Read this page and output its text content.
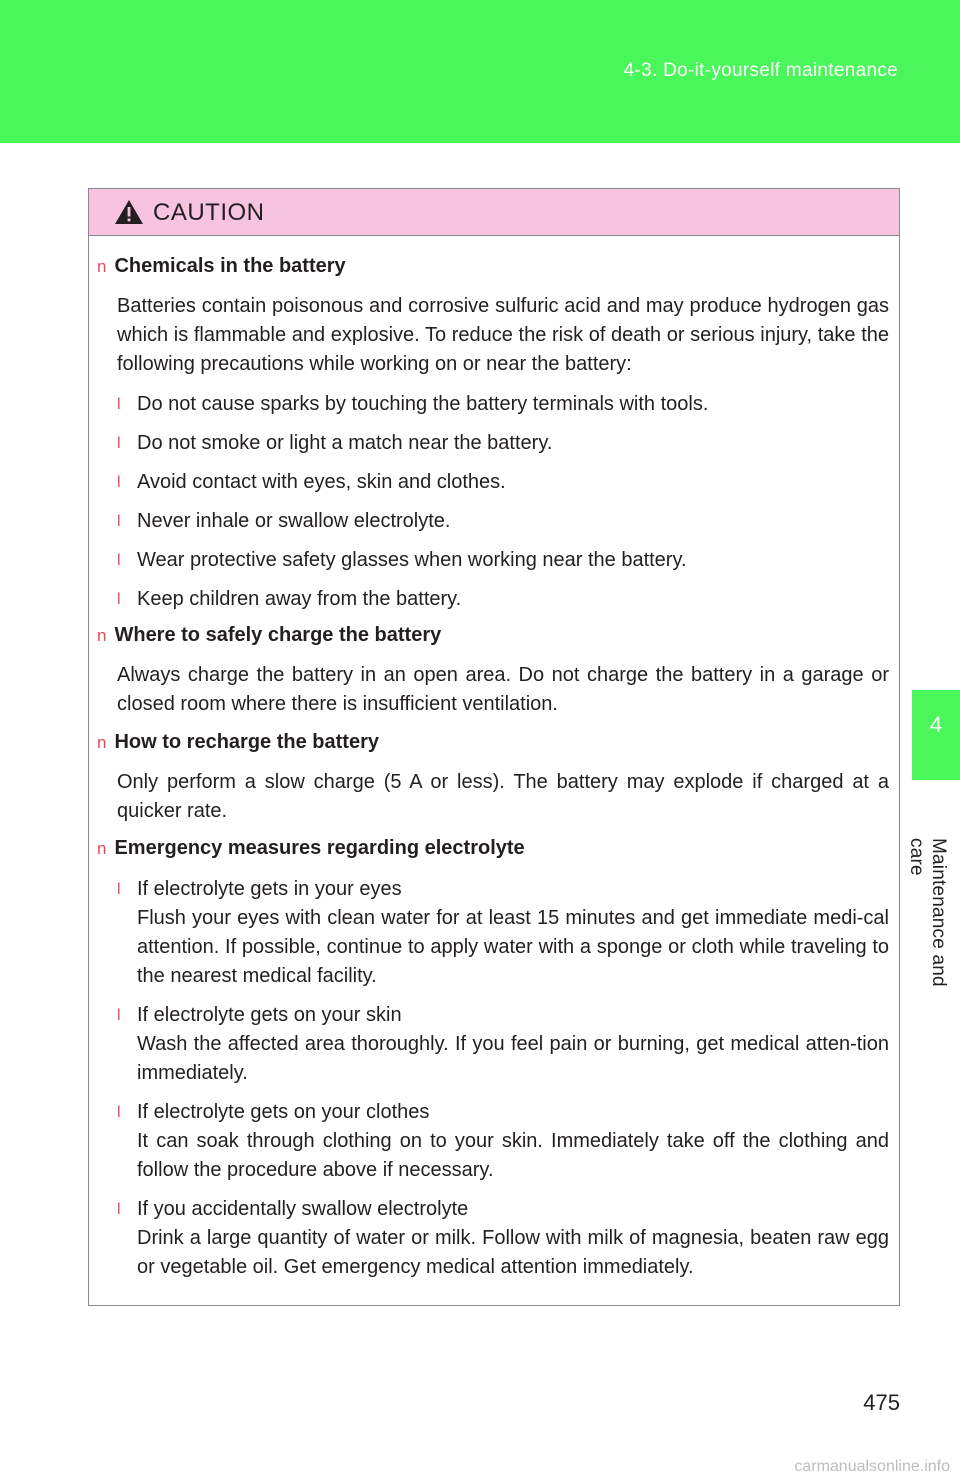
4-3. Do-it-yourself maintenance
4
Maintenance and care
CAUTION
n Chemicals in the battery
Batteries contain poisonous and corrosive sulfuric acid and may produce hydrogen gas which is flammable and explosive. To reduce the risk of death or serious injury, take the following precautions while working on or near the battery:
l Do not cause sparks by touching the battery terminals with tools.
l Do not smoke or light a match near the battery.
l Avoid contact with eyes, skin and clothes.
l Never inhale or swallow electrolyte.
l Wear protective safety glasses when working near the battery.
l Keep children away from the battery.
n Where to safely charge the battery
Always charge the battery in an open area. Do not charge the battery in a garage or closed room where there is insufficient ventilation.
n How to recharge the battery
Only perform a slow charge (5 A or less). The battery may explode if charged at a quicker rate.
n Emergency measures regarding electrolyte
l If electrolyte gets in your eyes
Flush your eyes with clean water for at least 15 minutes and get immediate medi-cal attention. If possible, continue to apply water with a sponge or cloth while traveling to the nearest medical facility.
l If electrolyte gets on your skin
Wash the affected area thoroughly. If you feel pain or burning, get medical atten-tion immediately.
l If electrolyte gets on your clothes
It can soak through clothing on to your skin. Immediately take off the clothing and follow the procedure above if necessary.
l If you accidentally swallow electrolyte
Drink a large quantity of water or milk. Follow with milk of magnesia, beaten raw egg or vegetable oil. Get emergency medical attention immediately.
475
carmanualsonline.info
